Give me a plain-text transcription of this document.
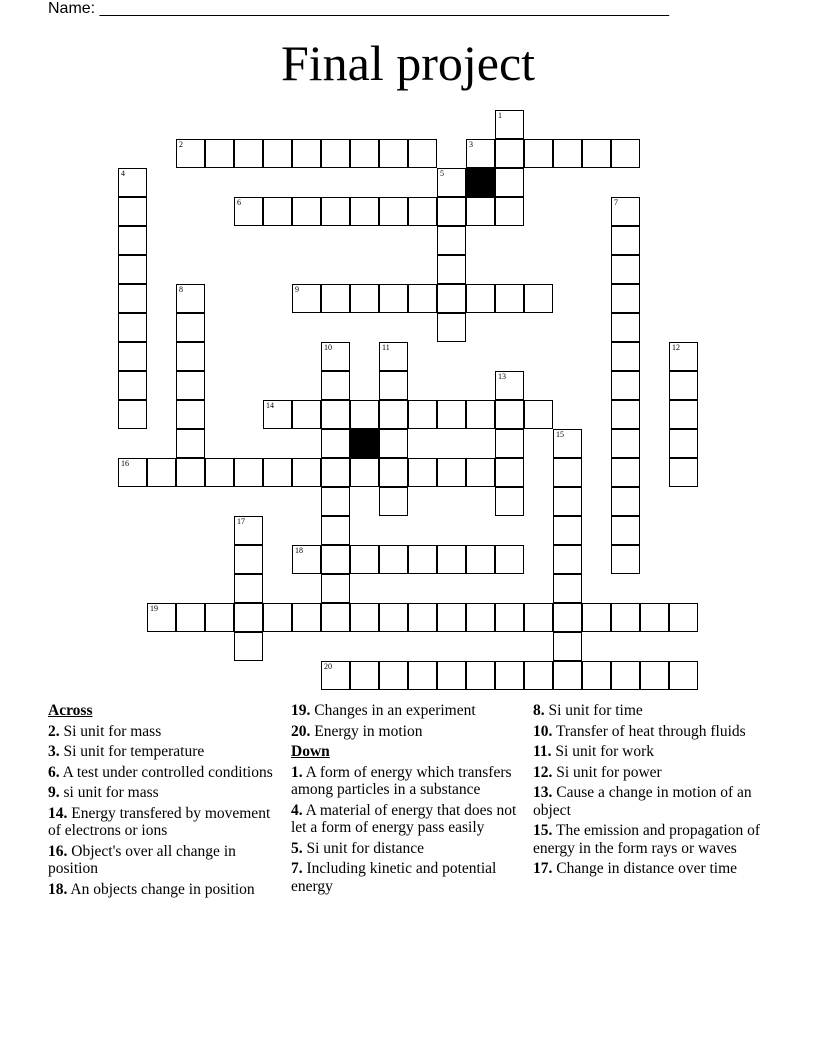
Name: ________________________________________________________________
Final project
1
2	3
4	5
6	7
8	9
10	11	12
13
14
15
16
17
18
19
20
Across
2. Si unit for mass
3. Si unit for temperature
6. A test under controlled conditions
9. si unit for mass
14. Energy transfered by movement of electrons or ions
16. Object's over all change in position
18. An objects change in position
19. Changes in an experiment
20. Energy in motion
Down
1. A form of energy which transfers among particles in a substance
4. A material of energy that does not let a form of energy pass easily
5. Si unit for distance
7. Including kinetic and potential energy
8. Si unit for time
10. Transfer of heat through fluids
11. Si unit for work
12. Si unit for power
13. Cause a change in motion of an object
15. The emission and propagation of energy in the form rays or waves
17. Change in distance over time
